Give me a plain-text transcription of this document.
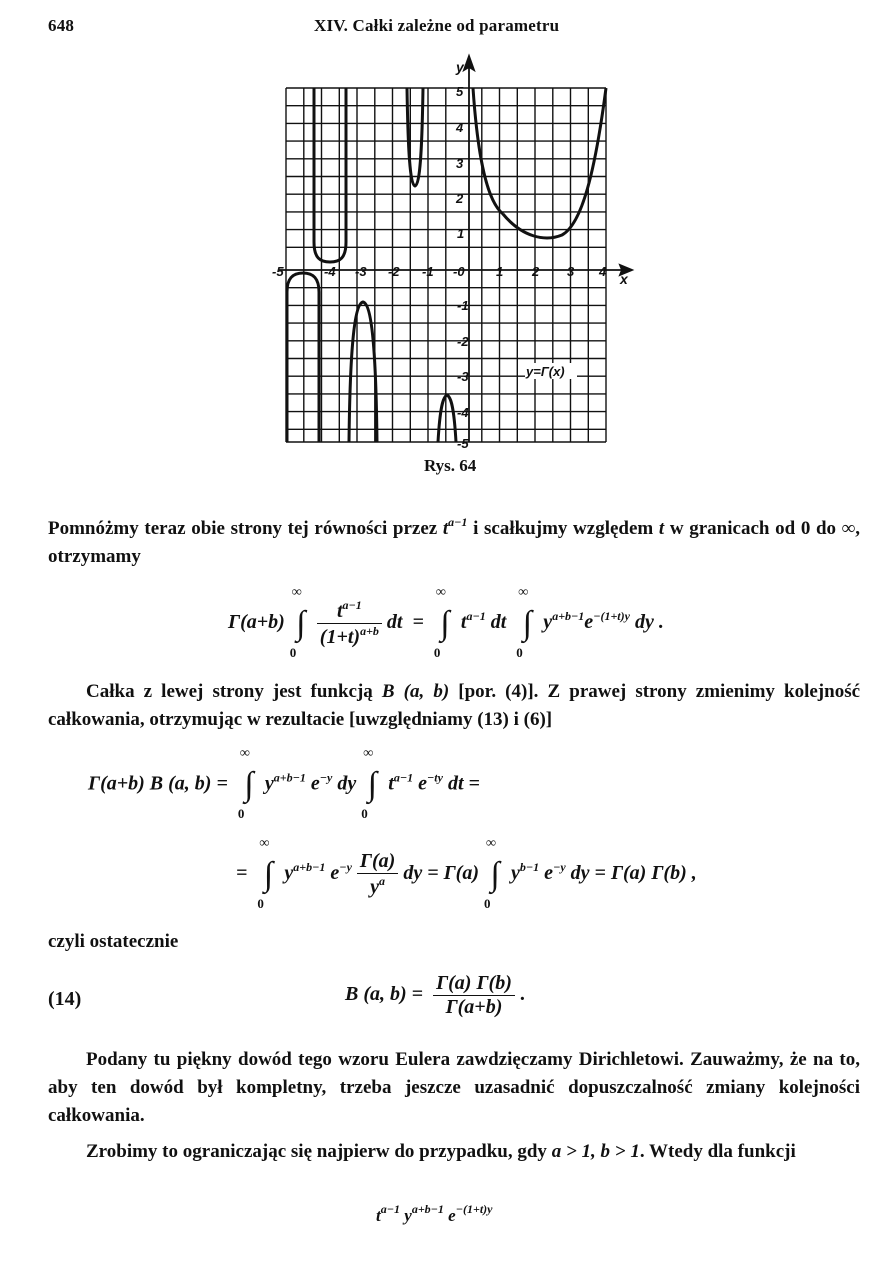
648	XIV. Całki zależne od parametru
-5	-4 -3 -2 -1 -0 1 2 3 4 x
y
1
2
3
4
5
-1
-2
-3
-4
-5
y=Γ(x)
Rys. 64

Pomnóżmy teraz obie strony tej równości przez $t^{a-1}$ i scałkujmy względem t w granicach od 0 do ∞, otrzymamy

Γ(a+b) ∫
∞
0

$\frac{t^{a-1}}{(1+t)^{a+b}}$ dt = ∫
∞
0
$t^{a-1}$ dt ∫
∞
0
$y^{a+b-1}e^{-(1+t)y}$ dy .

Całka z lewej strony jest funkcją B (a, b) [por. (4)]. Z prawej strony zmienimy kolejność całkowania, otrzymując w rezultacie [uwzględniamy (13) i (6)]

Γ(a+b) B (a, b) = ∫
∞
0
$y^{a+b-1}$ $e^{-y}$ dy ∫
∞
0
$t^{a-1}$ $e^{-ty}$ dt =
= ∫
∞
0
$y^{a+b-1}$ $e^{-y} \frac{\Gamma(a)}{y^a}$ dy = Γ(a) ∫
∞
0
$y^{b-1}$ $e^{-y}$ dy = Γ(a) Γ(b) ,

czyli ostatecznie

(14)	B (a, $b) = \frac{\Gamma(a) \Gamma(b)}{\Gamma(a+b)}$ .

Podany tu piękny dowód tego wzoru Eulera zawdzięczamy Dirichletowi. Zauważmy, że na to, aby ten dowód był kompletny, trzeba jeszcze uzasadnić dopuszczalność zmiany kolejności całkowania.

Zrobimy to ograniczając się najpierw do przypadku, gdy a > 1, b > 1. Wtedy dla funkcji

$t^{a-1}$ $y^{a+b-1}$ $e^{-(1+t)y}$
